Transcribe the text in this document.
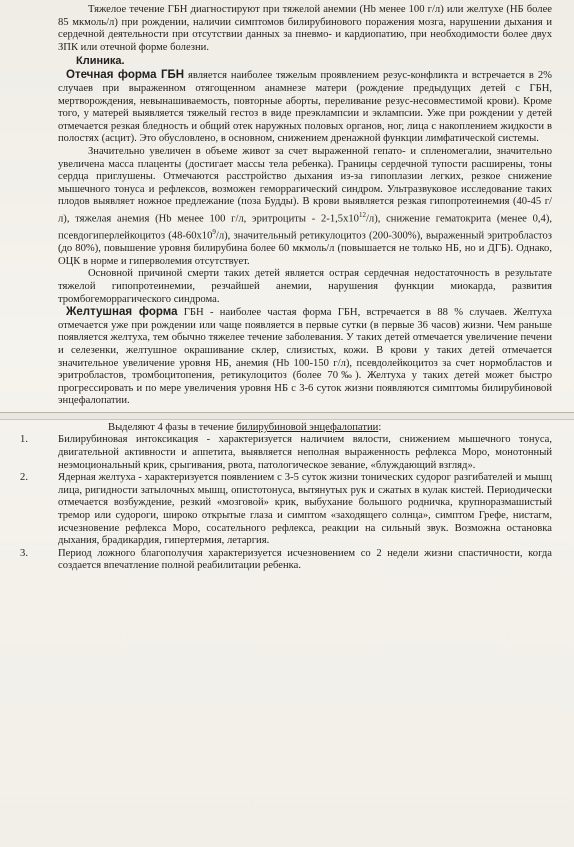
Тяжелое течение ГБН диагностируют при тяжелой анемии (Hb менее 100 г/л) или желтухе (НБ более 85 мкмоль/л) при рождении, наличии симптомов билирубинового поражения мозга, нарушении дыхания и сердечной деятельности при отсутствии данных за пневмо- и кардиопатию, при необходимости более двух ЗПК или отечной форме болезни.

Клиника.

Отечная форма ГБН является наиболее тяжелым проявлением резус-конфликта и встречается в 2% случаев при выраженном отягощенном анамнезе матери (рождение предыдущих детей с ГБН, мертворождения, невынашиваемость, повторные аборты, переливание резус-несовместимой крови). Кроме того, у матерей выявляется тяжелый гестоз в виде преэклампсии и эклампсии. Уже при рождении у детей отмечается резкая бледность и общий отек наружных половых органов, ног, лица с накоплением жидкости в полостях (асцит). Это обусловлено, в основном, снижением дренажной функции лимфатической системы.

Значительно увеличен в объеме живот за счет выраженной гепато- и спленомегалии, значительно увеличена масса плаценты (достигает массы тела ребенка). Границы сердечной тупости расширены, тоны сердца приглушены. Отмечаются расстройство дыхания из-за гипоплазии легких, резкое снижение мышечного тонуса и рефлексов, возможен геморрагический синдром. Ультразвуковое исследование таких плодов выявляет ножное предлежание (поза Будды). В крови выявляется резкая гипопротеинемия (40-45 г/л), тяжелая анемия (Hb менее 100 г/л, эритроциты - $2-1,5x10^{12}/л$), снижение гематокрита (менее 0,4), псевдогиперлейкоцитоз $(48-60x10^9/л)$, значительный ретикулоцитоз (200-300%), выраженный эритробластоз (до 80%), повышение уровня билирубина более 60 мкмоль/л (повышается не только НБ, но и ДГБ). Однако, ОЦК в норме и гиперволемия отсутствует.

Основной причиной смерти таких детей является острая сердечная недостаточность в результате тяжелой гипопротеинемии, резчайшей анемии, нарушения функции миокарда, развития тромбогеморрагического синдрома.

Желтушная форма ГБН - наиболее частая форма ГБН, встречается в 88 % случаев. Желтуха отмечается уже при рождении или чаще появляется в первые сутки (в первые 36 часов) жизни. Чем раньше появляется желтуха, тем обычно тяжелее течение заболевания. У таких детей отмечается увеличение печени и селезенки, желтушное окрашивание склер, слизистых, кожи. В крови у таких детей отмечается значительное увеличение уровня НБ, анемия (Hb 100-150 г/л), псевдолейкоцитоз за счет нормобластов и эритробластов, тромбоцитопения, ретикулоцитоз (более 70‰). Желтуха у таких детей может быстро прогрессировать и по мере увеличения уровня НБ с 3-6 суток жизни появляются симптомы билирубиновой энцефалопатии.

Выделяют 4 фазы в течение билирубиновой энцефалопатии:

1.	Билирубиновая интоксикация - характеризуется наличием вялости, снижением мышечного тонуса, двигательной активности и аппетита, выявляется неполная выраженность рефлекса Моро, монотонный неэмоциональный крик, срыгивания, рвота, патологическое зевание, «блуждающий взгляд».

2.	Ядерная желтуха - характеризуется появлением с 3-5 суток жизни тонических судорог разгибателей и мышц лица, ригидности затылочных мышц, опистотонуса, вытянутых рук и сжатых в кулак кистей. Периодически отмечается возбуждение, резкий «мозговой» крик, выбухание большого родничка, крупноразмашистый тремор или судороги, широко открытые глаза и симптом «заходящего солнца», симптом Грефе, нистагм, исчезновение рефлекса Моро, сосательного рефлекса, реакции на сильный звук. Возможна остановка дыхания, брадикардия, гипертермия, летаргия.

3.	Период ложного благополучия характеризуется исчезновением со 2 недели жизни спастичности, когда создается впечатление полной реабилитации ребенка.
